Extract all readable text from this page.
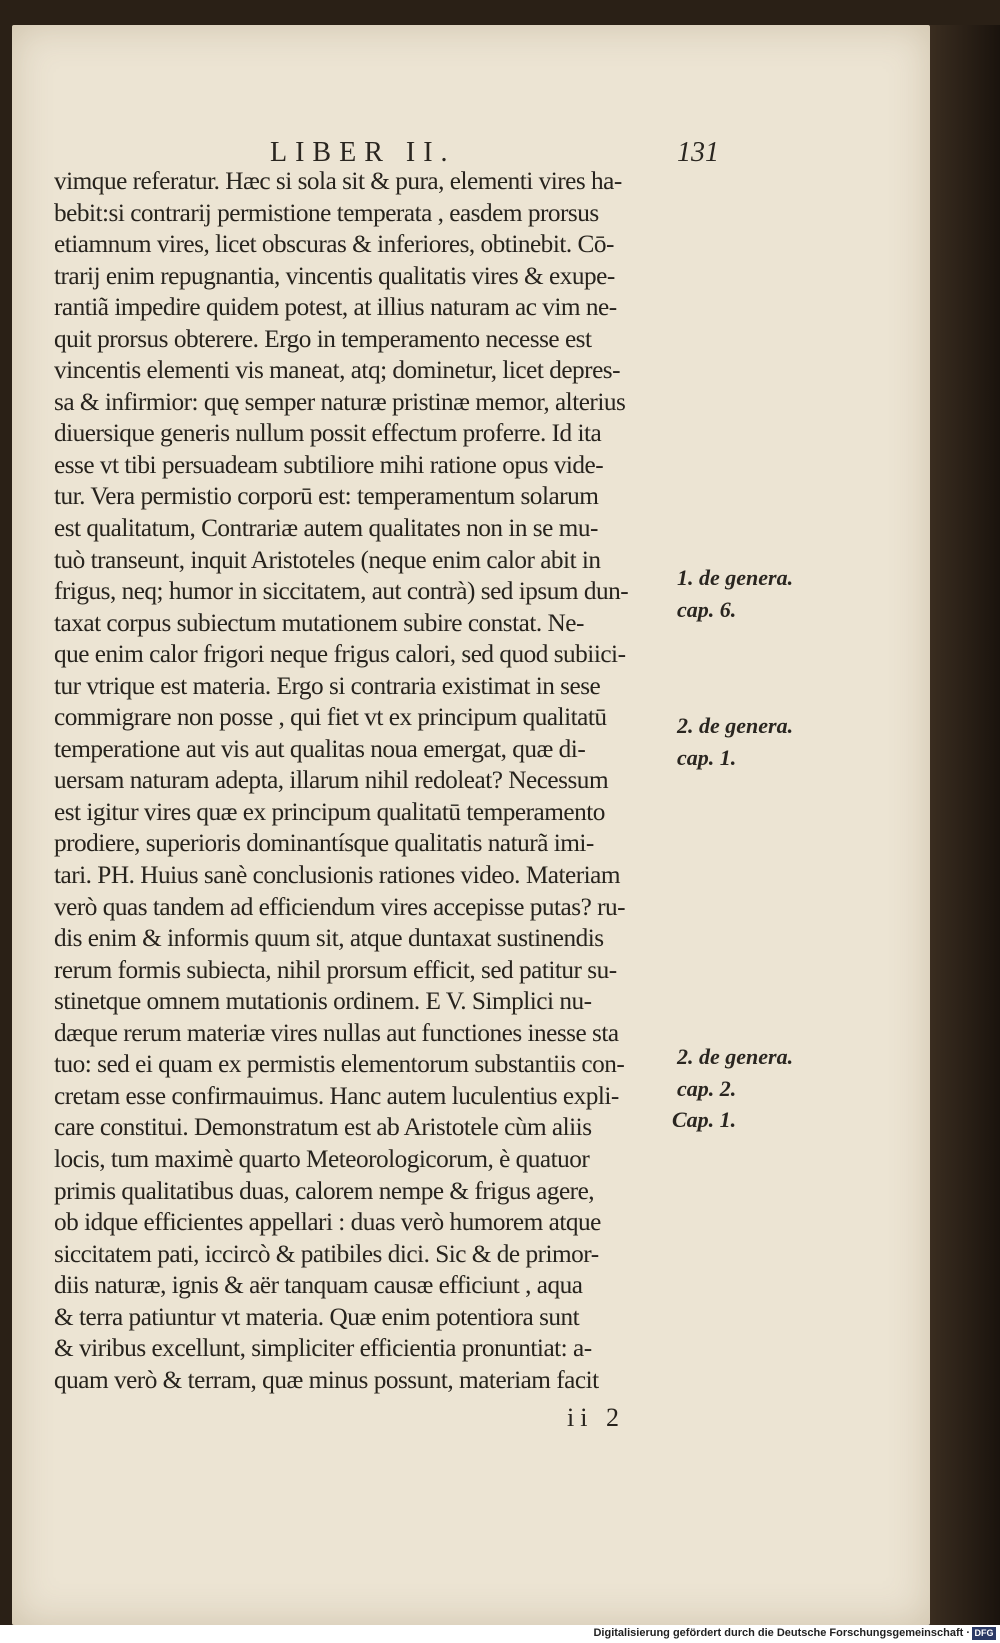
LIBER II.	131
vimque referatur. Hæc si sola sit & pura, elementi vires ha-
bebit:si contrarij permistione temperata , easdem prorsus
etiamnum vires, licet obscuras & inferiores, obtinebit. Cō-
trarij enim repugnantia, vincentis qualitatis vires & exupe-
rantiã impedire quidem potest, at illius naturam ac vim ne-
quit prorsus obterere. Ergo in temperamento necesse est
vincentis elementi vis maneat, atq; dominetur, licet depres-
sa & infirmior: quę semper naturæ pristinæ memor, alterius
diuersique generis nullum possit effectum proferre. Id ita
esse vt tibi persuadeam subtiliore mihi ratione opus vide-
tur. Vera permistio corporū est: temperamentum solarum
est qualitatum, Contrariæ autem qualitates non in se mu-
tuò transeunt, inquit Aristoteles (neque enim calor abit in
frigus, neq; humor in siccitatem, aut contrà) sed ipsum dun-
taxat corpus subiectum mutationem subire constat. Ne-
que enim calor frigori neque frigus calori, sed quod subiici-
tur vtrique est materia. Ergo si contraria existimat in sese
commigrare non posse , qui fiet vt ex principum qualitatū
temperatione aut vis aut qualitas noua emergat, quæ di-
uersam naturam adepta, illarum nihil redoleat? Necessum
est igitur vires quæ ex principum qualitatū temperamento
prodiere, superioris dominantísque qualitatis naturã imi-
tari. PH. Huius sanè conclusionis rationes video. Materiam
verò quas tandem ad efficiendum vires accepisse putas? ru-
dis enim & informis quum sit, atque duntaxat sustinendis
rerum formis subiecta, nihil prorsum efficit, sed patitur su-
stinetque omnem mutationis ordinem. E V. Simplici nu-
dæque rerum materiæ vires nullas aut functiones inesse sta
tuo: sed ei quam ex permistis elementorum substantiis con-
cretam esse confirmauimus. Hanc autem luculentius expli-
care constitui. Demonstratum est ab Aristotele cùm aliis
locis, tum maximè quarto Meteorologicorum, è quatuor
primis qualitatibus duas, calorem nempe & frigus agere,
ob idque efficientes appellari : duas verò humorem atque
siccitatem pati, iccircò & patibiles dici. Sic & de primor-
diis naturæ, ignis & aër tanquam causæ efficiunt , aqua
& terra patiuntur vt materia. Quæ enim potentiora sunt
& viribus excellunt, simpliciter efficientia pronuntiat: a-
quam verò & terram, quæ minus possunt, materiam facit
1. de genera.
cap. 6.
2. de genera.
cap. 1.
2. de genera.
cap. 2.
Cap. 1.
ii 2
Digitalisierung gefördert durch die Deutsche Forschungsgemeinschaft · DFG
